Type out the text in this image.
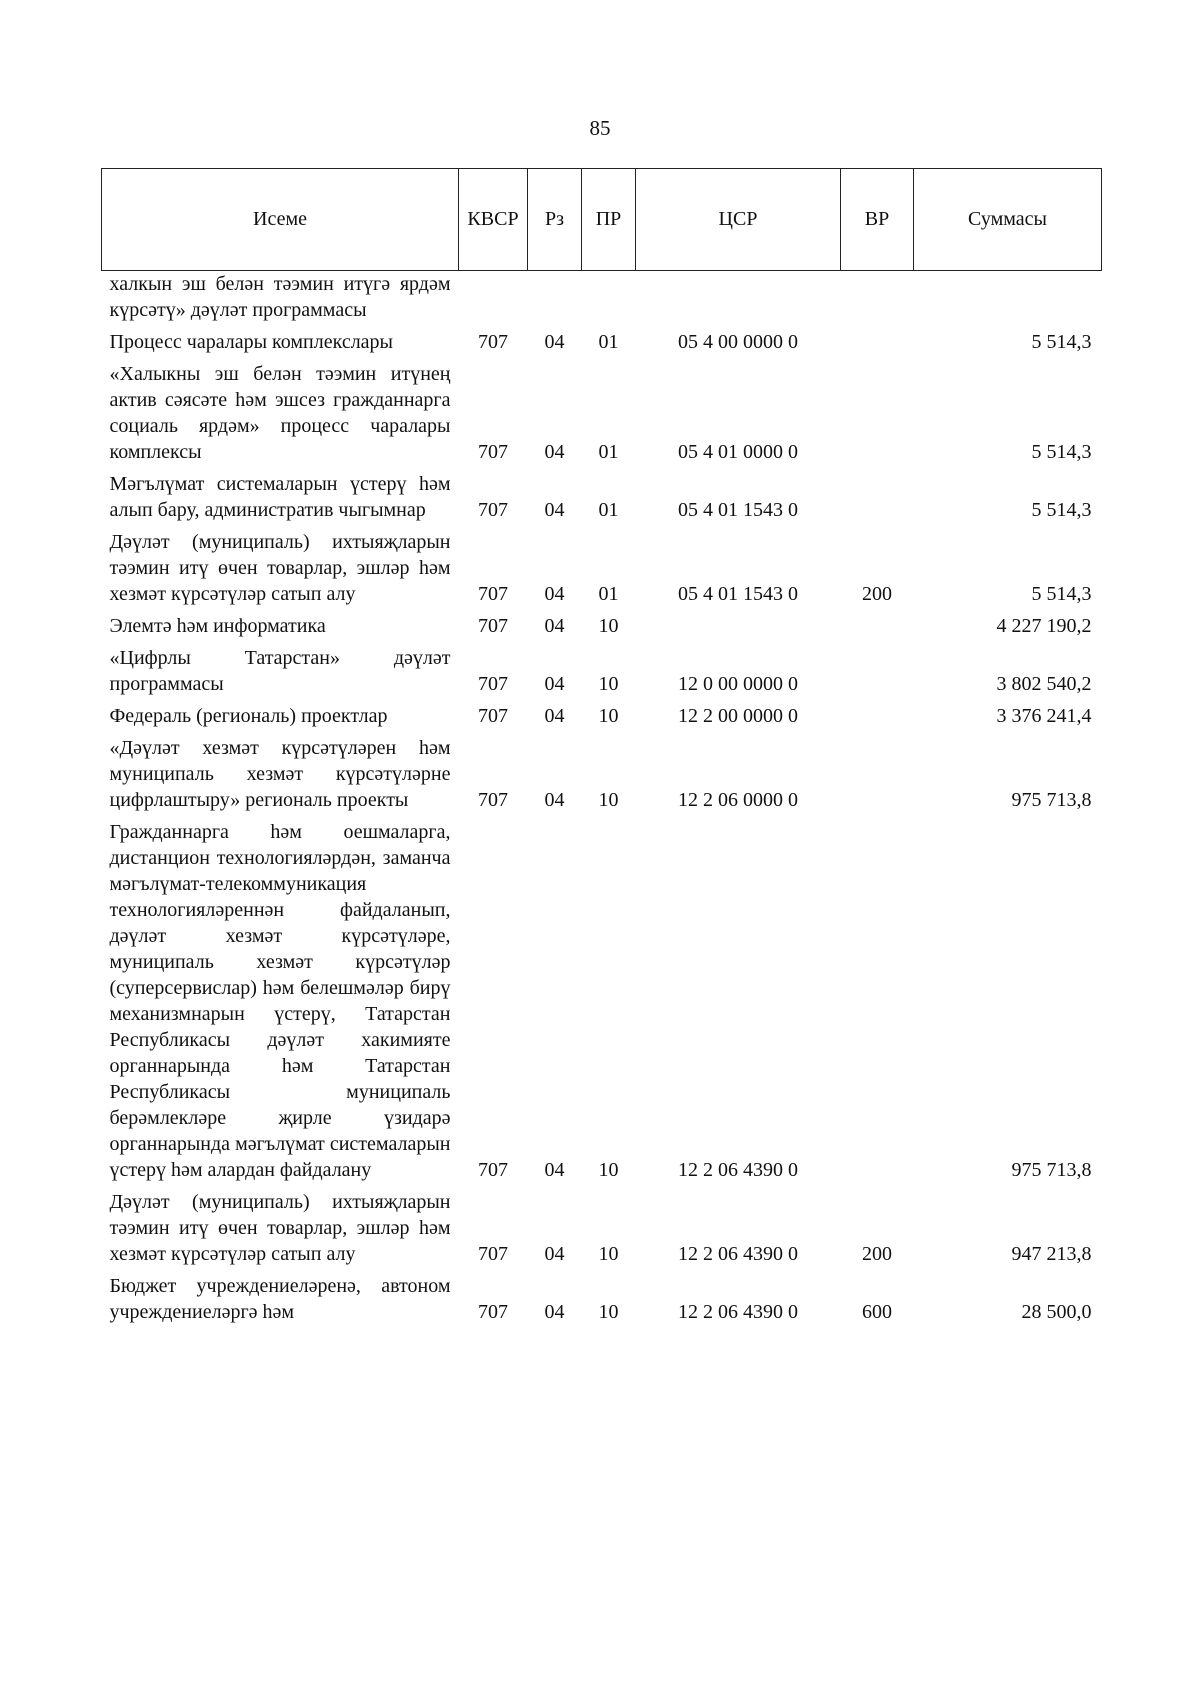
85
Исеме	КВСР	Рз	ПР	ЦСР	ВР	Суммасы
халкын эш белән тәэмин итүгә ярдәм күрсәтү» дәүләт программасы						
Процесс чаралары комплекслары	707	04	01	05 4 00 0000 0		5 514,3
«Халыкны эш белән тәэмин итүнең актив сәясәте һәм эшсез гражданнарга социаль ярдәм» процесс чаралары комплексы	707	04	01	05 4 01 0000 0		5 514,3
Мәгълүмат системаларын үстерү һәм алып бару, административ чыгымнар	707	04	01	05 4 01 1543 0		5 514,3
Дәүләт (муниципаль) ихтыяҗларын тәэмин итү өчен товарлар, эшләр һәм хезмәт күрсәтүләр сатып алу	707	04	01	05 4 01 1543 0	200	5 514,3
Элемтә һәм информатика	707	04	10			4 227 190,2
«Цифрлы Татарстан» дәүләт программасы	707	04	10	12 0 00 0000 0		3 802 540,2
Федераль (региональ) проектлар	707	04	10	12 2 00 0000 0		3 376 241,4
«Дәүләт хезмәт күрсәтүләрен һәм муниципаль хезмәт күрсәтүләрне цифрлаштыру» региональ проекты	707	04	10	12 2 06 0000 0		975 713,8
Гражданнарга һәм оешмаларга, дистанцион технологияләрдән, заманча мәгълүмат-телекоммуникация технологияләреннән файдаланып, дәүләт хезмәт күрсәтүләре, муниципаль хезмәт күрсәтүләр (суперсервислар) һәм белешмәләр бирү механизмнарын үстерү, Татарстан Республикасы дәүләт хакимияте органнарында һәм Татарстан Республикасы муниципаль берәмлекләре җирле үзидарә органнарында мәгълүмат системаларын үстерү һәм алардан файдалану	707	04	10	12 2 06 4390 0		975 713,8
Дәүләт (муниципаль) ихтыяҗларын тәэмин итү өчен товарлар, эшләр һәм хезмәт күрсәтүләр сатып алу	707	04	10	12 2 06 4390 0	200	947 213,8
Бюджет учреждениеләренә, автоном учреждениеләргә һәм	707	04	10	12 2 06 4390 0	600	28 500,0
